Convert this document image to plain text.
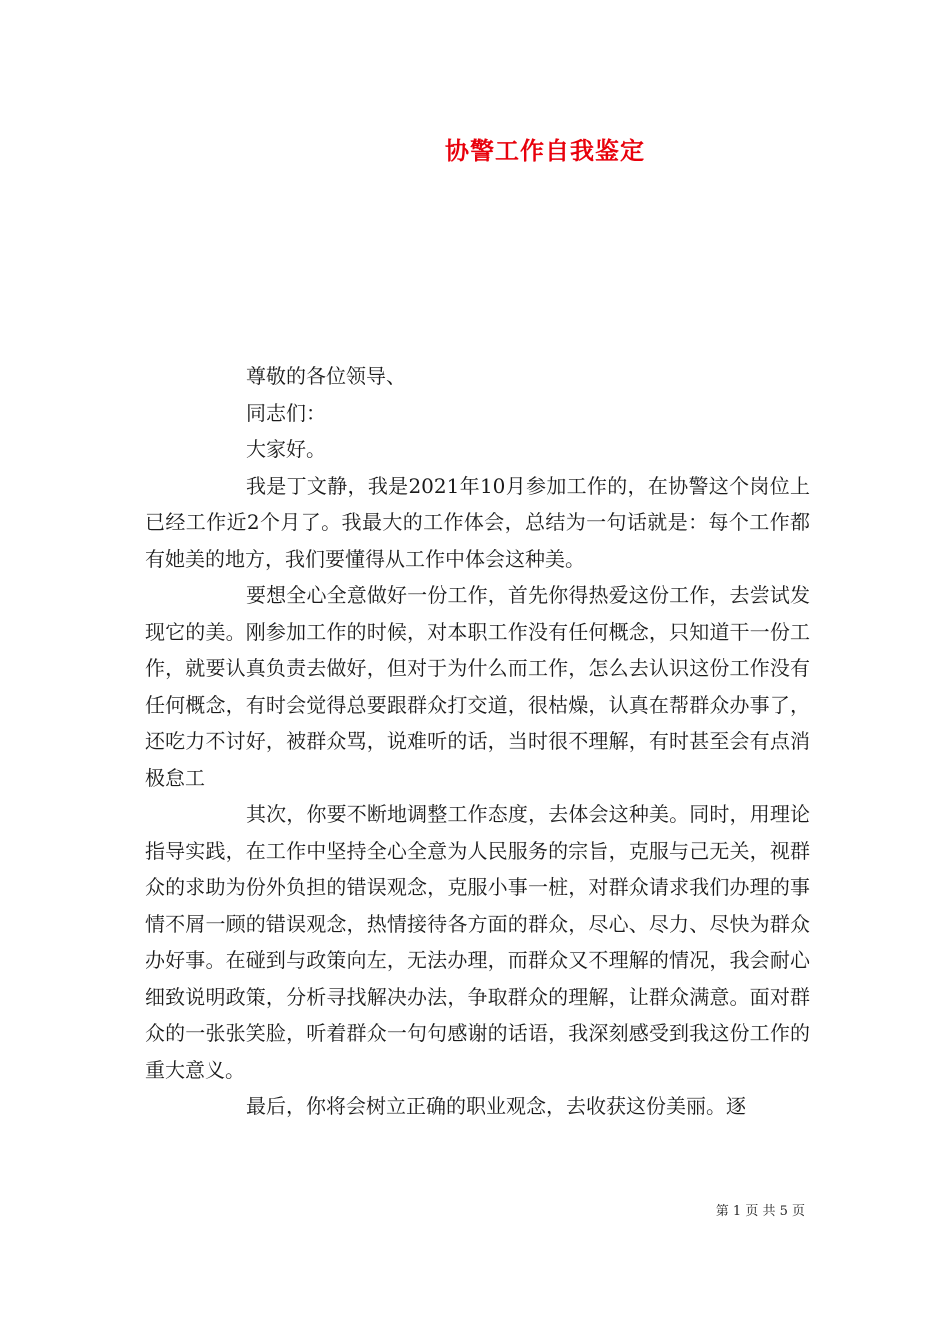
协警工作自我鉴定

尊敬的各位领导、

同志们：

大家好。

我是丁文静，我是2021年10月参加工作的，在协警这个岗位上已经工作近2个月了。我最大的工作体会，总结为一句话就是：每个工作都有她美的地方，我们要懂得从工作中体会这种美。

要想全心全意做好一份工作，首先你得热爱这份工作，去尝试发现它的美。刚参加工作的时候，对本职工作没有任何概念，只知道干一份工作，就要认真负责去做好，但对于为什么而工作，怎么去认识这份工作没有任何概念，有时会觉得总要跟群众打交道，很枯燥，认真在帮群众办事了，还吃力不讨好，被群众骂，说难听的话，当时很不理解，有时甚至会有点消极怠工

其次，你要不断地调整工作态度，去体会这种美。同时，用理论指导实践，在工作中坚持全心全意为人民服务的宗旨，克服与己无关，视群众的求助为份外负担的错误观念，克服小事一桩，对群众请求我们办理的事情不屑一顾的错误观念，热情接待各方面的群众，尽心、尽力、尽快为群众办好事。在碰到与政策向左，无法办理，而群众又不理解的情况，我会耐心细致说明政策，分析寻找解决办法，争取群众的理解，让群众满意。面对群众的一张张笑脸，听着群众一句句感谢的话语，我深刻感受到我这份工作的重大意义。

最后，你将会树立正确的职业观念，去收获这份美丽。逐

第 1 页 共 5 页
